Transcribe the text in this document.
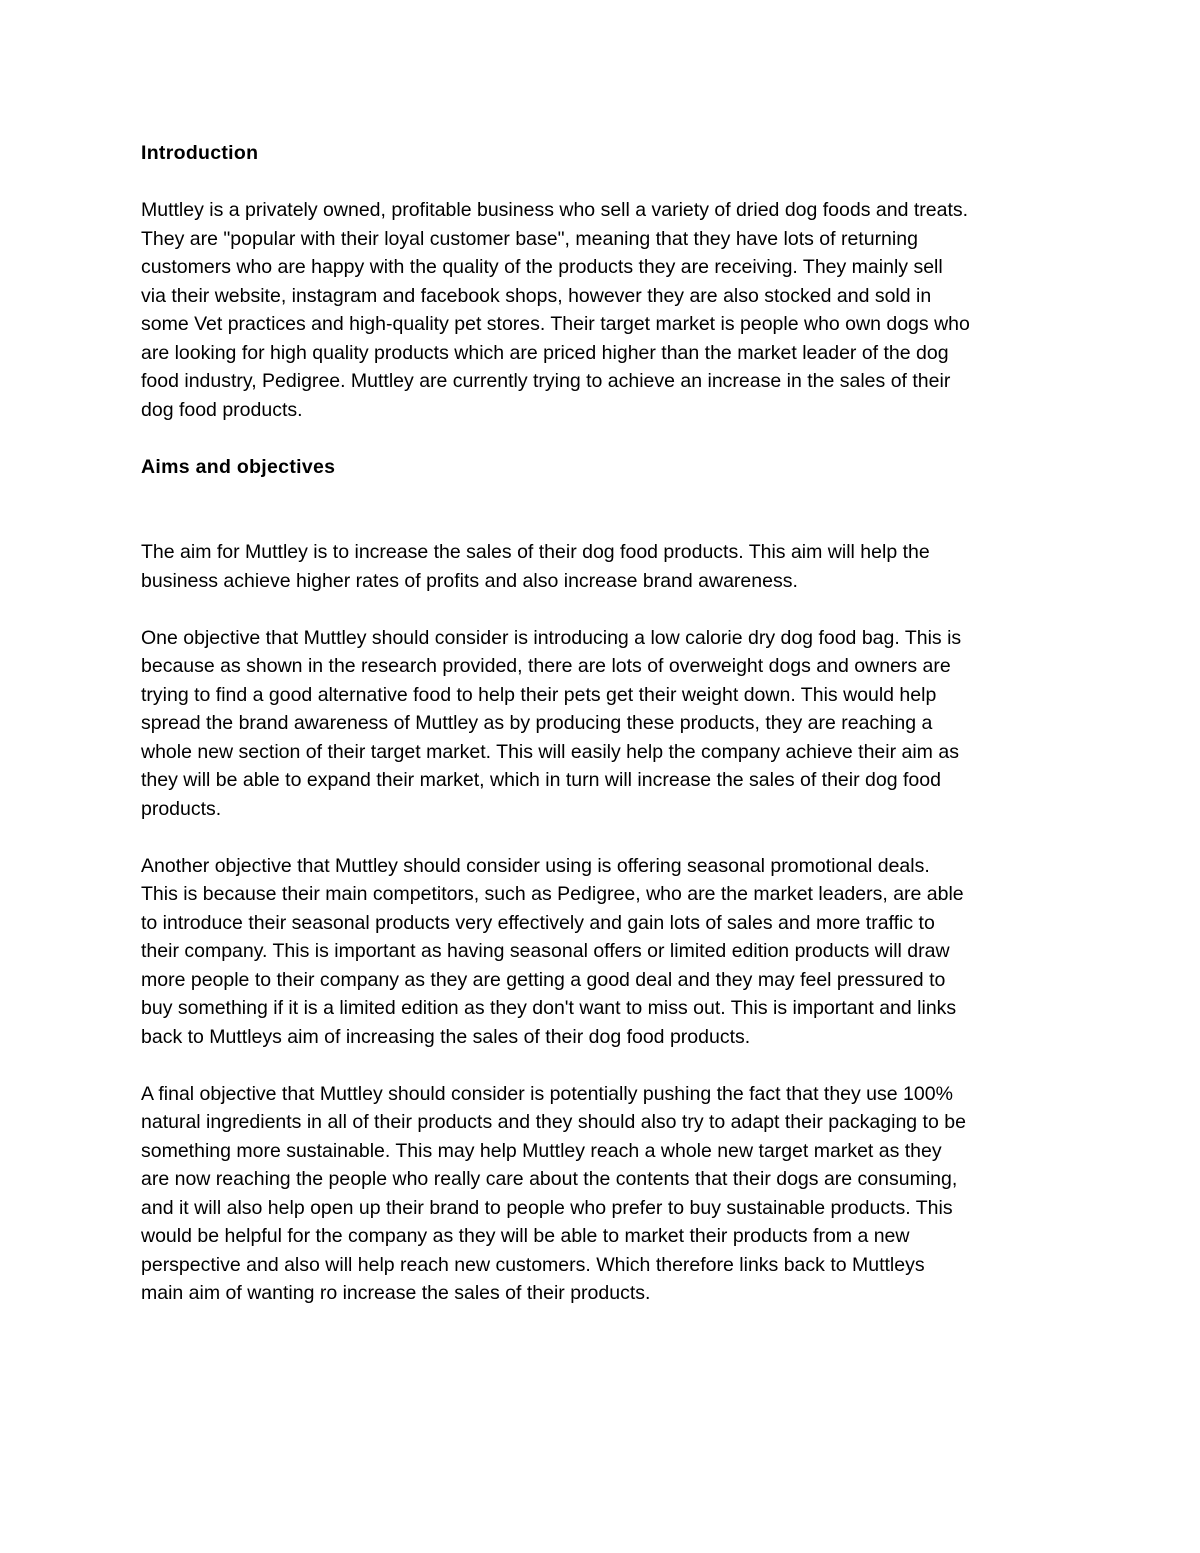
Introduction

Muttley is a privately owned, profitable business who sell a variety of dried dog foods and treats.
They are "popular with their loyal customer base", meaning that they have lots of returning
customers who are happy with the quality of the products they are receiving. They mainly sell
via their website, instagram and facebook shops, however they are also stocked and sold in
some Vet practices and high-quality pet stores. Their target market is people who own dogs who
are looking for high quality products which are priced higher than the market leader of the dog
food industry, Pedigree. Muttley are currently trying to achieve an increase in the sales of their
dog food products.

Aims and objectives

The aim for Muttley is to increase the sales of their dog food products. This aim will help the
business achieve higher rates of profits and also increase brand awareness.

One objective that Muttley should consider is introducing a low calorie dry dog food bag. This is
because as shown in the research provided, there are lots of overweight dogs and owners are
trying to find a good alternative food to help their pets get their weight down. This would help
spread the brand awareness of Muttley as by producing these products, they are reaching a
whole new section of their target market. This will easily help the company achieve their aim as
they will be able to expand their market, which in turn will increase the sales of their dog food
products.

Another objective that Muttley should consider using is offering seasonal promotional deals.
This is because their main competitors, such as Pedigree, who are the market leaders, are able
to introduce their seasonal products very effectively and gain lots of sales and more traffic to
their company. This is important as having seasonal offers or limited edition products will draw
more people to their company as they are getting a good deal and they may feel pressured to
buy something if it is a limited edition as they don't want to miss out. This is important and links
back to Muttleys aim of increasing the sales of their dog food products.

A final objective that Muttley should consider is potentially pushing the fact that they use 100%
natural ingredients in all of their products and they should also try to adapt their packaging to be
something more sustainable. This may help Muttley reach a whole new target market as they
are now reaching the people who really care about the contents that their dogs are consuming,
and it will also help open up their brand to people who prefer to buy sustainable products. This
would be helpful for the company as they will be able to market their products from a new
perspective and also will help reach new customers. Which therefore links back to Muttleys
main aim of wanting ro increase the sales of their products.
